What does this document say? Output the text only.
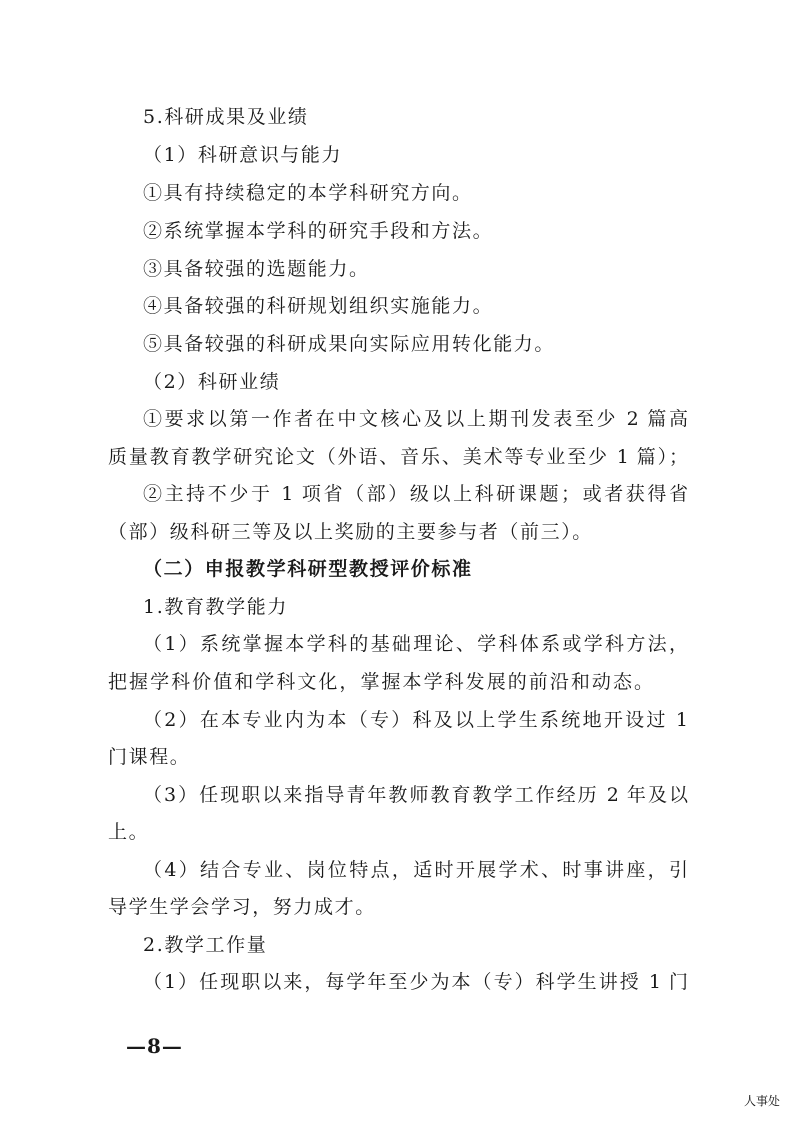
5.科研成果及业绩
（1）科研意识与能力
①具有持续稳定的本学科研究方向。
②系统掌握本学科的研究手段和方法。
③具备较强的选题能力。
④具备较强的科研规划组织实施能力。
⑤具备较强的科研成果向实际应用转化能力。
（2）科研业绩
①要求以第一作者在中文核心及以上期刊发表至少 2 篇高
质量教育教学研究论文（外语、音乐、美术等专业至少 1 篇）；
②主持不少于 1 项省（部）级以上科研课题；或者获得省
（部）级科研三等及以上奖励的主要参与者（前三）。
（二）申报教学科研型教授评价标准
1.教育教学能力
（1）系统掌握本学科的基础理论、学科体系或学科方法，
把握学科价值和学科文化，掌握本学科发展的前沿和动态。
（2）在本专业内为本（专）科及以上学生系统地开设过 1
门课程。
（3）任现职以来指导青年教师教育教学工作经历 2 年及以
上。
（4）结合专业、岗位特点，适时开展学术、时事讲座，引
导学生学会学习，努力成才。
2.教学工作量
（1）任现职以来，每学年至少为本（专）科学生讲授 1 门
—8—
人事处
